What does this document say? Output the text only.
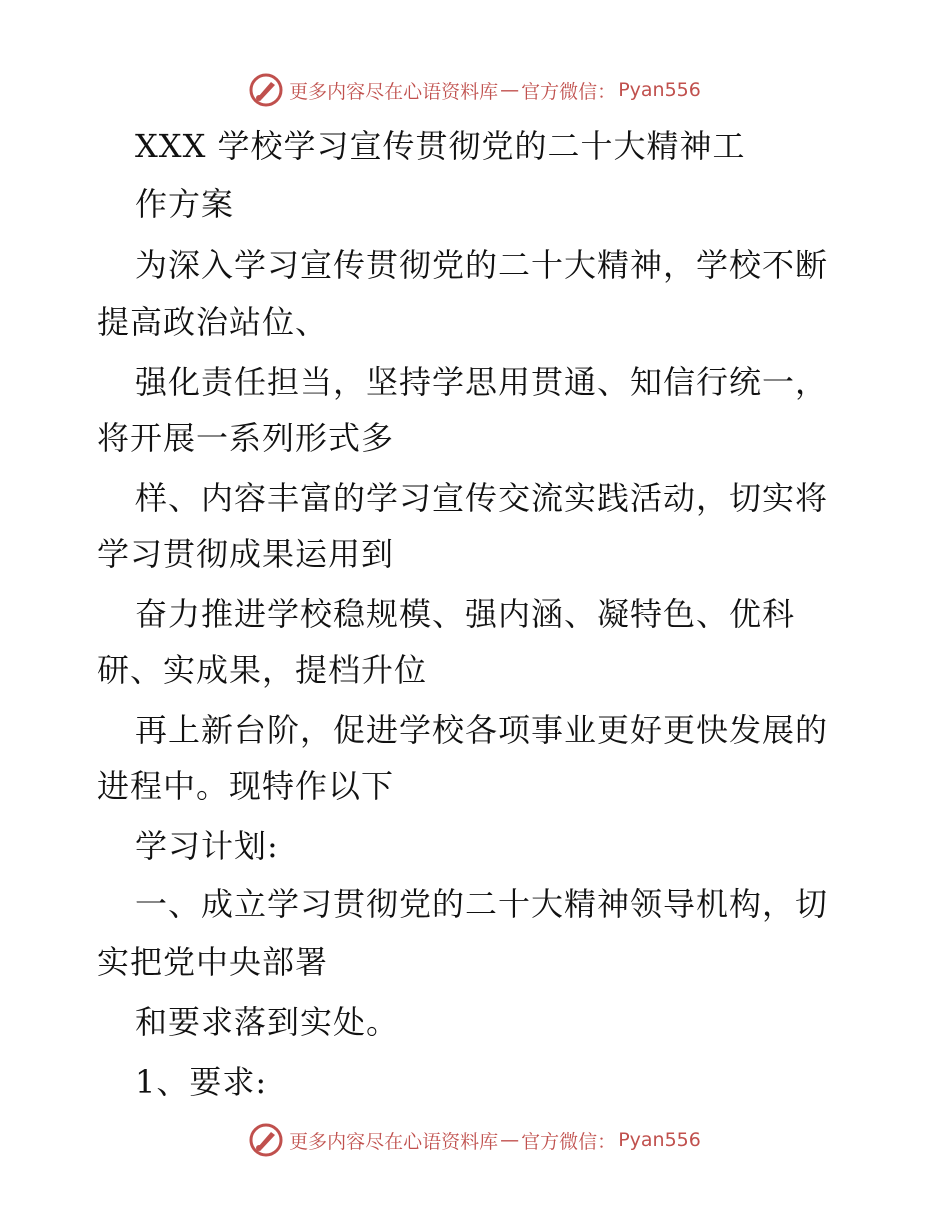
更多内容尽在心语资料库 — 官方微信： Pyan556
XXX 学校学习宣传贯彻党的二十大精神工
作方案
为深入学习宣传贯彻党的二十大精神，学校不断
提高政治站位、
强化责任担当，坚持学思用贯通、知信行统一，
将开展一系列形式多
样、内容丰富的学习宣传交流实践活动，切实将
学习贯彻成果运用到
奋力推进学校稳规模、强内涵、凝特色、优科
研、实成果，提档升位
再上新台阶，促进学校各项事业更好更快发展的
进程中。现特作以下
学习计划:
一、成立学习贯彻党的二十大精神领导机构，切
实把党中央部署
和要求落到实处。
1、要求:
更多内容尽在心语资料库 — 官方微信： Pyan556
